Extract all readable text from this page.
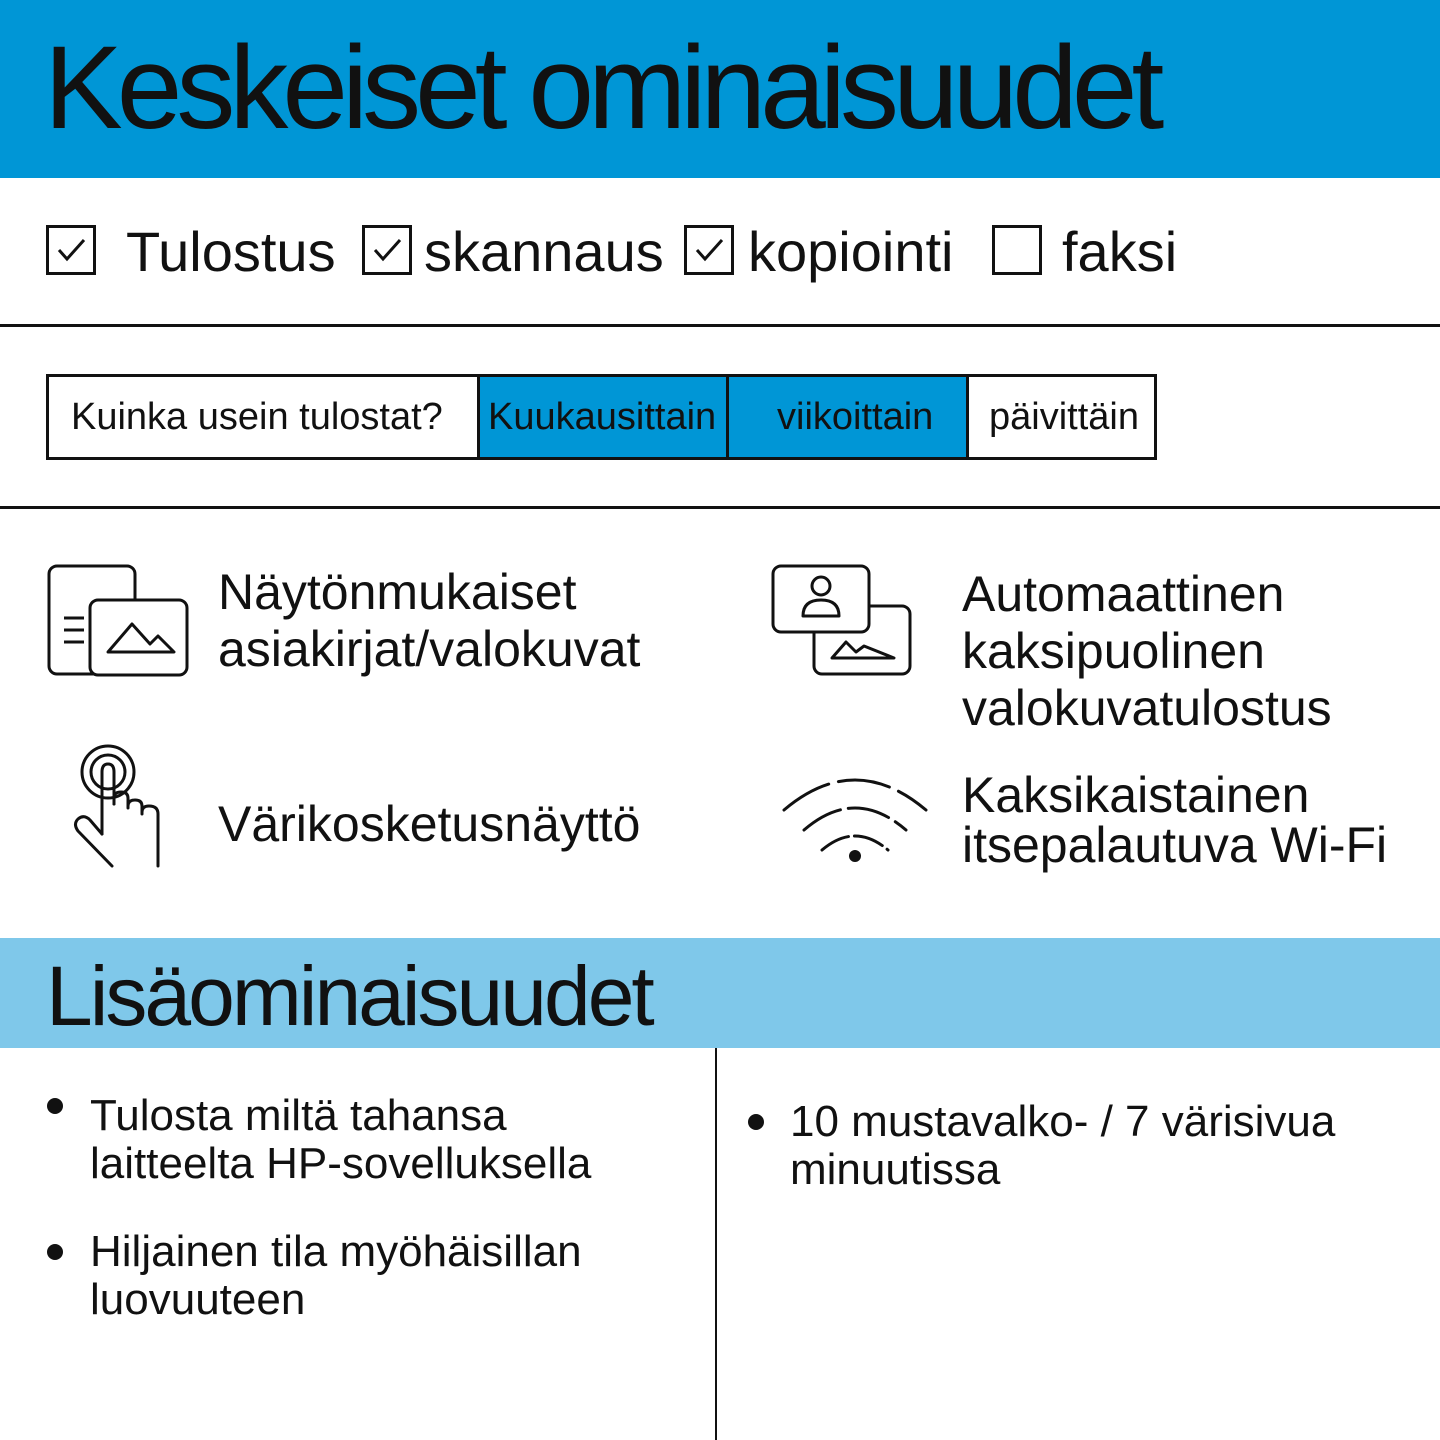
Keskeiset ominaisuudet
Tulostus skannaus kopiointi faksi
Kuinka usein tulostat?	Kuukausittain	viikoittain	päivittäin
Näytönmukaiset
asiakirjat/valokuvat
Automaattinen
kaksipuolinen
valokuvatulostus
Värikosketusnäyttö
Kaksikaistainen
itsepalautuva Wi-Fi
Lisäominaisuudet
Tulosta miltä tahansa
laitteelta HP-sovelluksella
Hiljainen tila myöhäisillan
luovuuteen
10 mustavalko- / 7 värisivua
minuutissa
